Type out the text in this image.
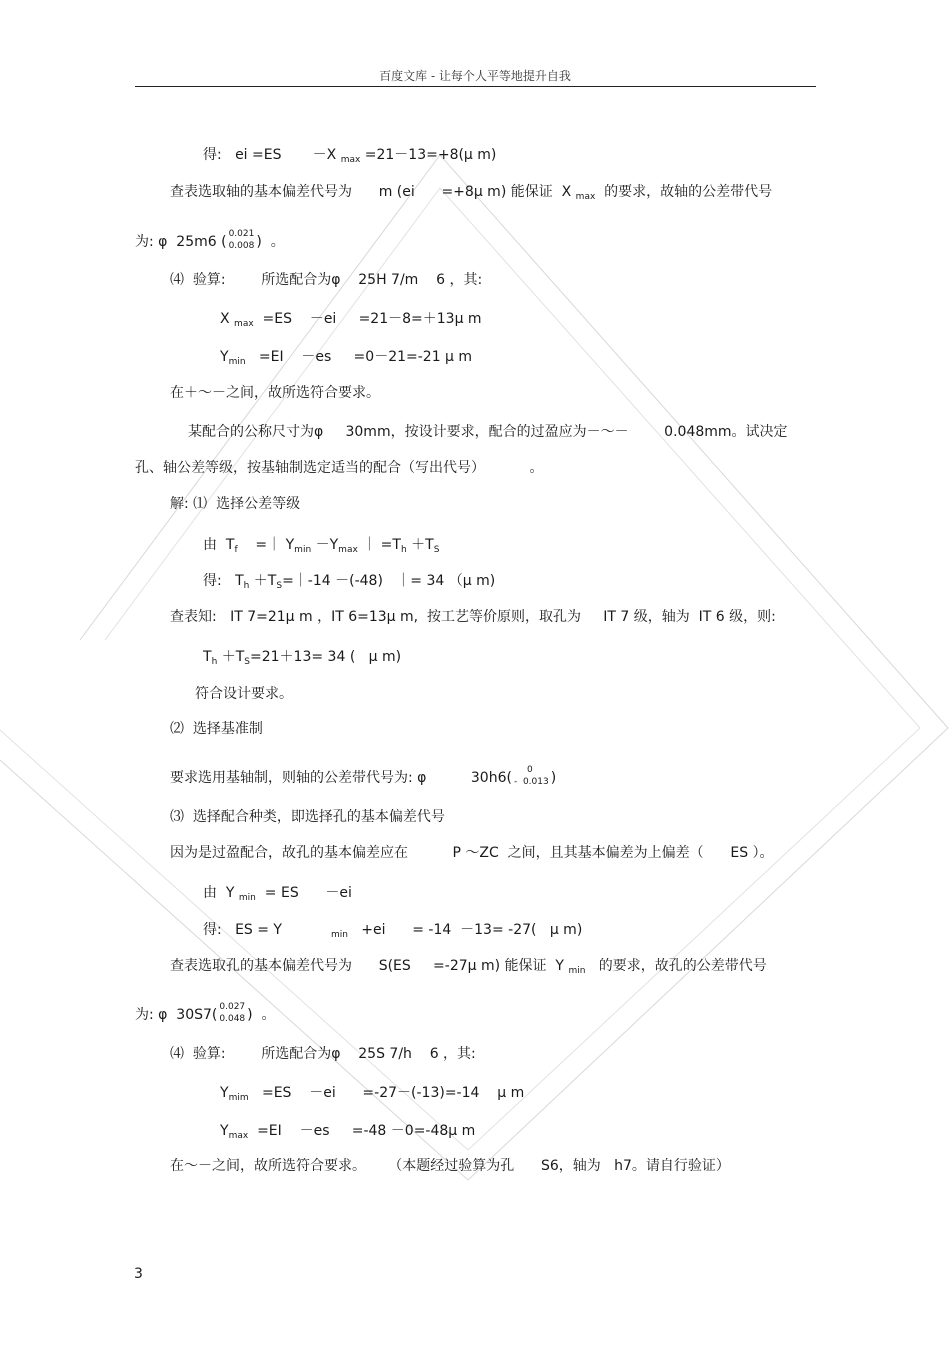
百度文库 - 让每个人平等地提升自我
得:   ei =ES       －X $_{max}$ =21－13=+8(μ m)
查表选取轴的基本偏差代号为      m (ei      =+8μ m) 能保证  X $_{max}$  的要求，故轴的公差带代号
为: φ  25m6 ( 0.021
0.008 )  。
⑷  验算:        所选配合为φ    25H 7/m    6 ，其:
X $_{max}$  =ES    －ei     =21－8=＋13μ m
$Y_{min} =EI$    －es     =0－21=-21 μ m
在＋～－之间，故所选符合要求。
某配合的公称尺寸为φ     30mm，按设计要求，配合的过盈应为－～－        0.048mm。试决定
孔、轴公差等级，按基轴制选定适当的配合（写出代号）          。
解: ⑴  选择公差等级
由  $T_f$    =｜ $Y_{min} -Y_{max}$ ｜ $=T_h +T_S$
得:   $T_h$ $+T_S=|-14 -(-48)$   ｜= 34 （μ m)
查表知:   IT 7=21μ m ，IT 6=13μ m,  按工艺等价原则，取孔为     IT 7 级，轴为  IT 6 级，则:
$T_h +T_S=21+13= 34$ (   μ m)
符合设计要求。
⑵  选择基准制
要求选用基轴制，则轴的公差带代号为: φ          30h6(	0
-  0.013 )
⑶  选择配合种类，即选择孔的基本偏差代号
因为是过盈配合，故孔的基本偏差应在          P ～ZC  之间，且其基本偏差为上偏差（      ES ）。
由  Y $_{min}$  = ES      －ei
得:   ES = Y           $_{min}$   +ei      = -14  －13= -27(   μ m)
查表选取孔的基本偏差代号为      S(ES     =-27μ m) 能保证  Y $_{min}$   的要求，故孔的公差带代号
为: φ  30S7( 0.027
0.048 )  。
⑷  验算:        所选配合为φ    25S 7/h    6 ，其:
$Y_{mim} =ES$    －ei      =-27－(-13)=-14    μ m
$Y_{max} =EI$    －es     =-48 －0=-48μ m
在～－之间，故所选符合要求。     （本题经过验算为孔      S6，轴为   h7。请自行验证）
3
